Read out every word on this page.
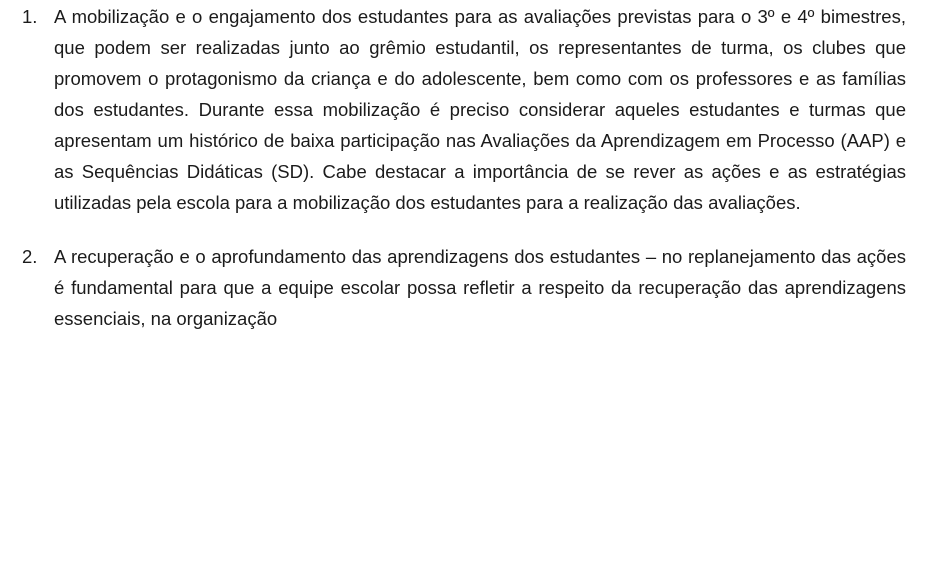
1. A mobilização e o engajamento dos estudantes para as avaliações previstas para o 3º e 4º bimestres, que podem ser realizadas junto ao grêmio estudantil, os representantes de turma, os clubes que promovem o protagonismo da criança e do adolescente, bem como com os professores e as famílias dos estudantes. Durante essa mobilização é preciso considerar aqueles estudantes e turmas que apresentam um histórico de baixa participação nas Avaliações da Aprendizagem em Processo (AAP) e as Sequências Didáticas (SD). Cabe destacar a importância de se rever as ações e as estratégias utilizadas pela escola para a mobilização dos estudantes para a realização das avaliações.
2. A recuperação e o aprofundamento das aprendizagens dos estudantes – no replanejamento das ações é fundamental para que a equipe escolar possa refletir a respeito da recuperação das aprendizagens essenciais, na organização
